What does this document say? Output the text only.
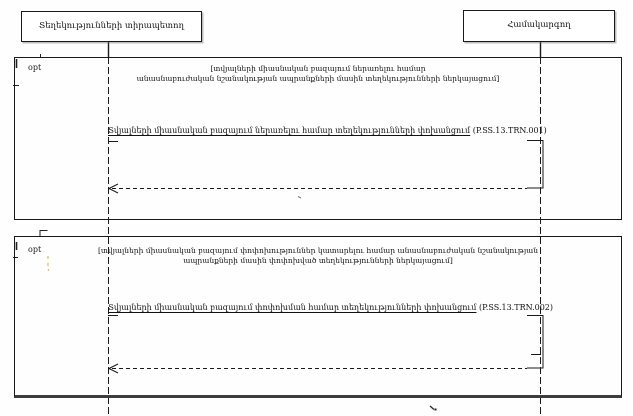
Տեղեկությունների տիրապետող	Համակարգող
opt
opt
[տվյալների միասնական բազայում ներառելու համար
անասնաբուժական նշանակության ապրանքների մասին տեղեկությունների ներկայացում]
[տվյալների միասնական բազայում փոփոխություններ կատարելու համար անասնաբուժական նշանակության
ապրանքների մասին փոփոխված տեղեկությունների ներկայացում]
Տվյալների միասնական բազայում ներառելու համար տեղեկությունների փոխանցում (P.SS.13.TRN.001)
Տվյալների միասնական բազայում փոփոխման համար տեղեկությունների փոխանցում (P.SS.13.TRN.002)
